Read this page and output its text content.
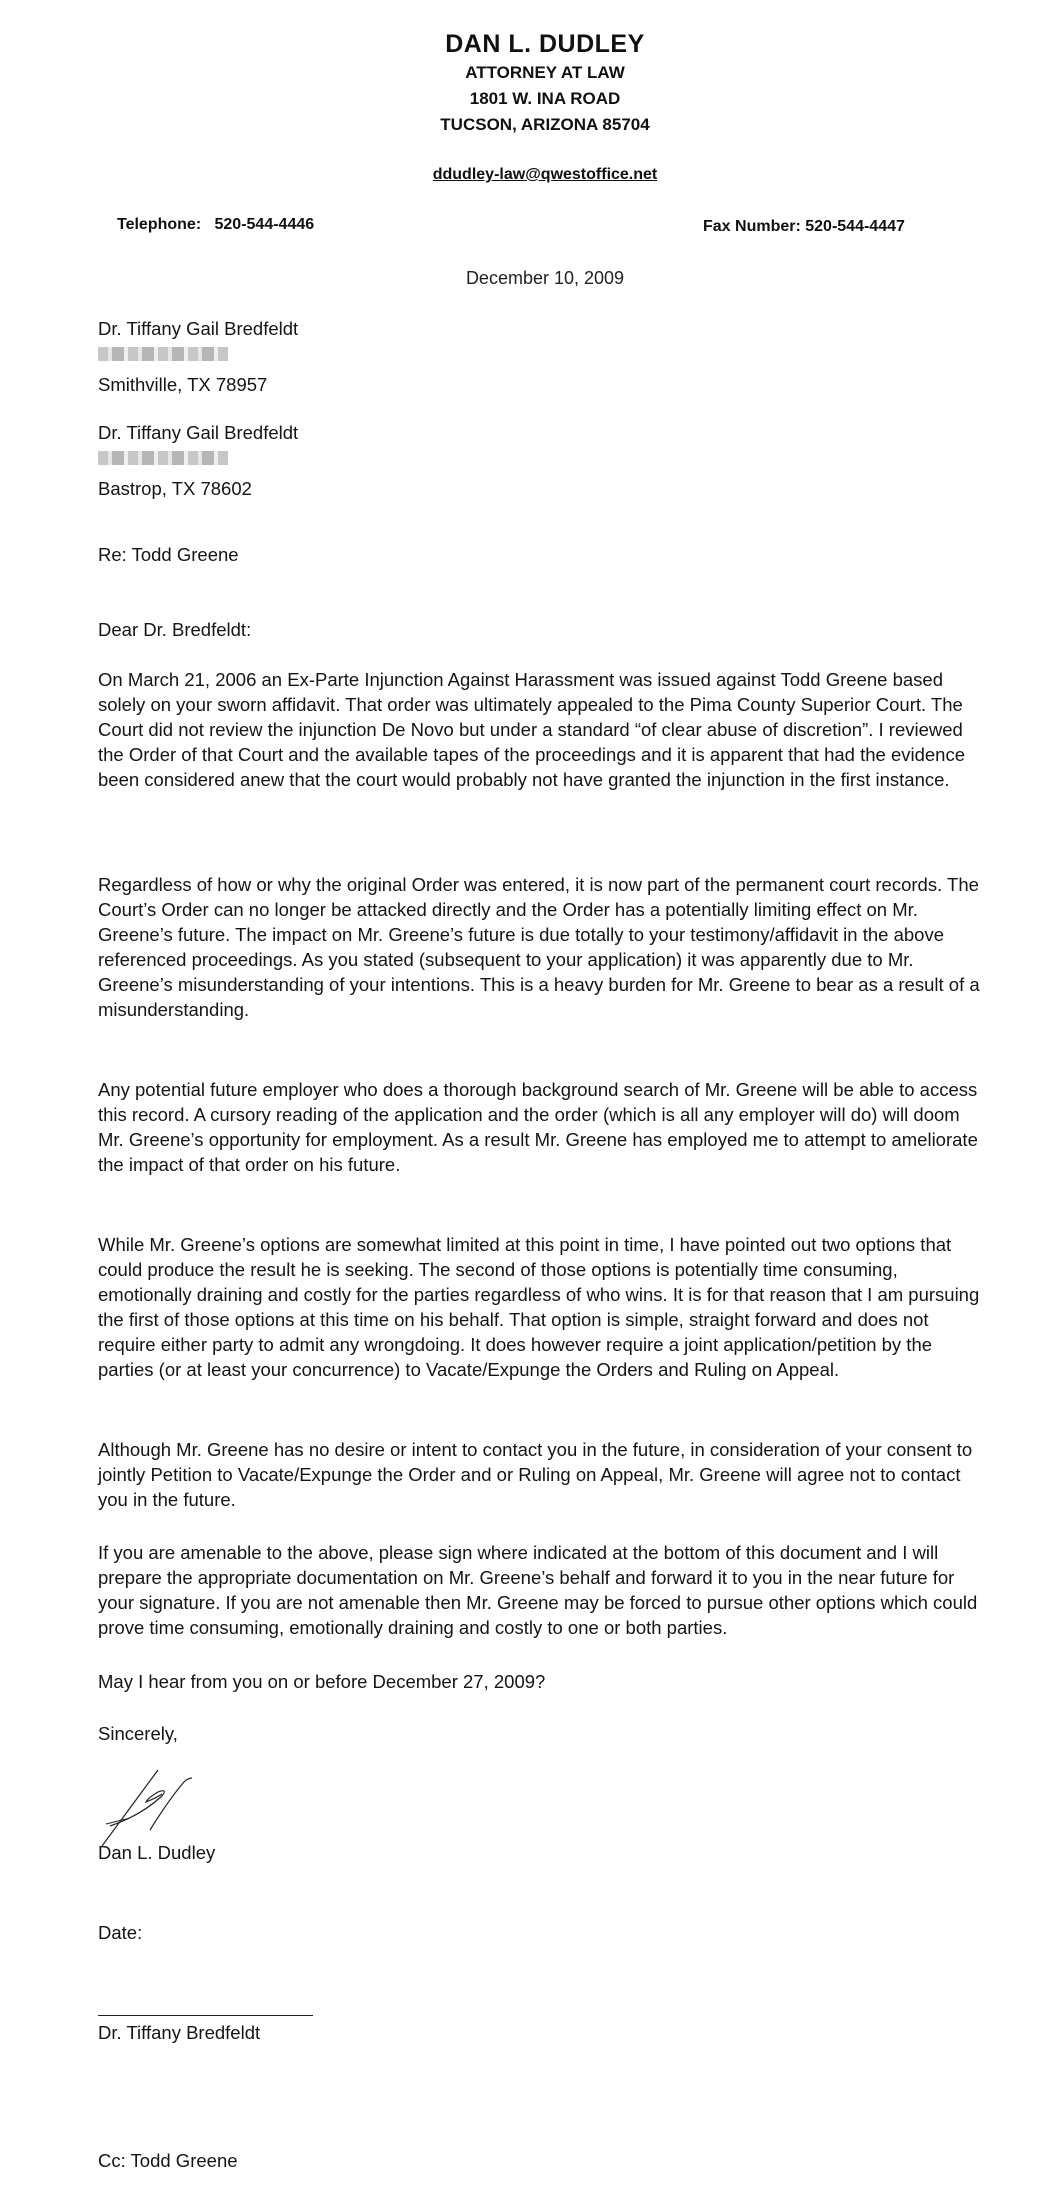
DAN L. DUDLEY
ATTORNEY AT LAW
1801 W. INA ROAD
TUCSON, ARIZONA 85704
ddudley-law@qwestoffice.net
Telephone: 520-544-4446	Fax Number: 520-544-4447
December 10, 2009
Dr. Tiffany Gail Bredfeldt
Smithville, TX 78957
Dr. Tiffany Gail Bredfeldt
Bastrop, TX 78602
Re: Todd Greene
Dear Dr. Bredfeldt:
On March 21, 2006 an Ex-Parte Injunction Against Harassment was issued against Todd Greene based solely on your sworn affidavit. That order was ultimately appealed to the Pima County Superior Court. The Court did not review the injunction De Novo but under a standard “of clear abuse of discretion”. I reviewed the Order of that Court and the available tapes of the proceedings and it is apparent that had the evidence been considered anew that the court would probably not have granted the injunction in the first instance.
Regardless of how or why the original Order was entered, it is now part of the permanent court records. The Court’s Order can no longer be attacked directly and the Order has a potentially limiting effect on Mr. Greene’s future. The impact on Mr. Greene’s future is due totally to your testimony/affidavit in the above referenced proceedings. As you stated (subsequent to your application) it was apparently due to Mr. Greene’s misunderstanding of your intentions. This is a heavy burden for Mr. Greene to bear as a result of a misunderstanding.
Any potential future employer who does a thorough background search of Mr. Greene will be able to access this record. A cursory reading of the application and the order (which is all any employer will do) will doom Mr. Greene’s opportunity for employment. As a result Mr. Greene has employed me to attempt to ameliorate the impact of that order on his future.
While Mr. Greene’s options are somewhat limited at this point in time, I have pointed out two options that could produce the result he is seeking. The second of those options is potentially time consuming, emotionally draining and costly for the parties regardless of who wins. It is for that reason that I am pursuing the first of those options at this time on his behalf. That option is simple, straight forward and does not require either party to admit any wrongdoing. It does however require a joint application/petition by the parties (or at least your concurrence) to Vacate/Expunge the Orders and Ruling on Appeal.
Although Mr. Greene has no desire or intent to contact you in the future, in consideration of your consent to jointly Petition to Vacate/Expunge the Order and or Ruling on Appeal, Mr. Greene will agree not to contact you in the future.
If you are amenable to the above, please sign where indicated at the bottom of this document and I will prepare the appropriate documentation on Mr. Greene’s behalf and forward it to you in the near future for your signature. If you are not amenable then Mr. Greene may be forced to pursue other options which could prove time consuming, emotionally draining and costly to one or both parties.
May I hear from you on or before December 27, 2009?
Sincerely,
Dan L. Dudley
Date:
Dr. Tiffany Bredfeldt
Cc: Todd Greene
